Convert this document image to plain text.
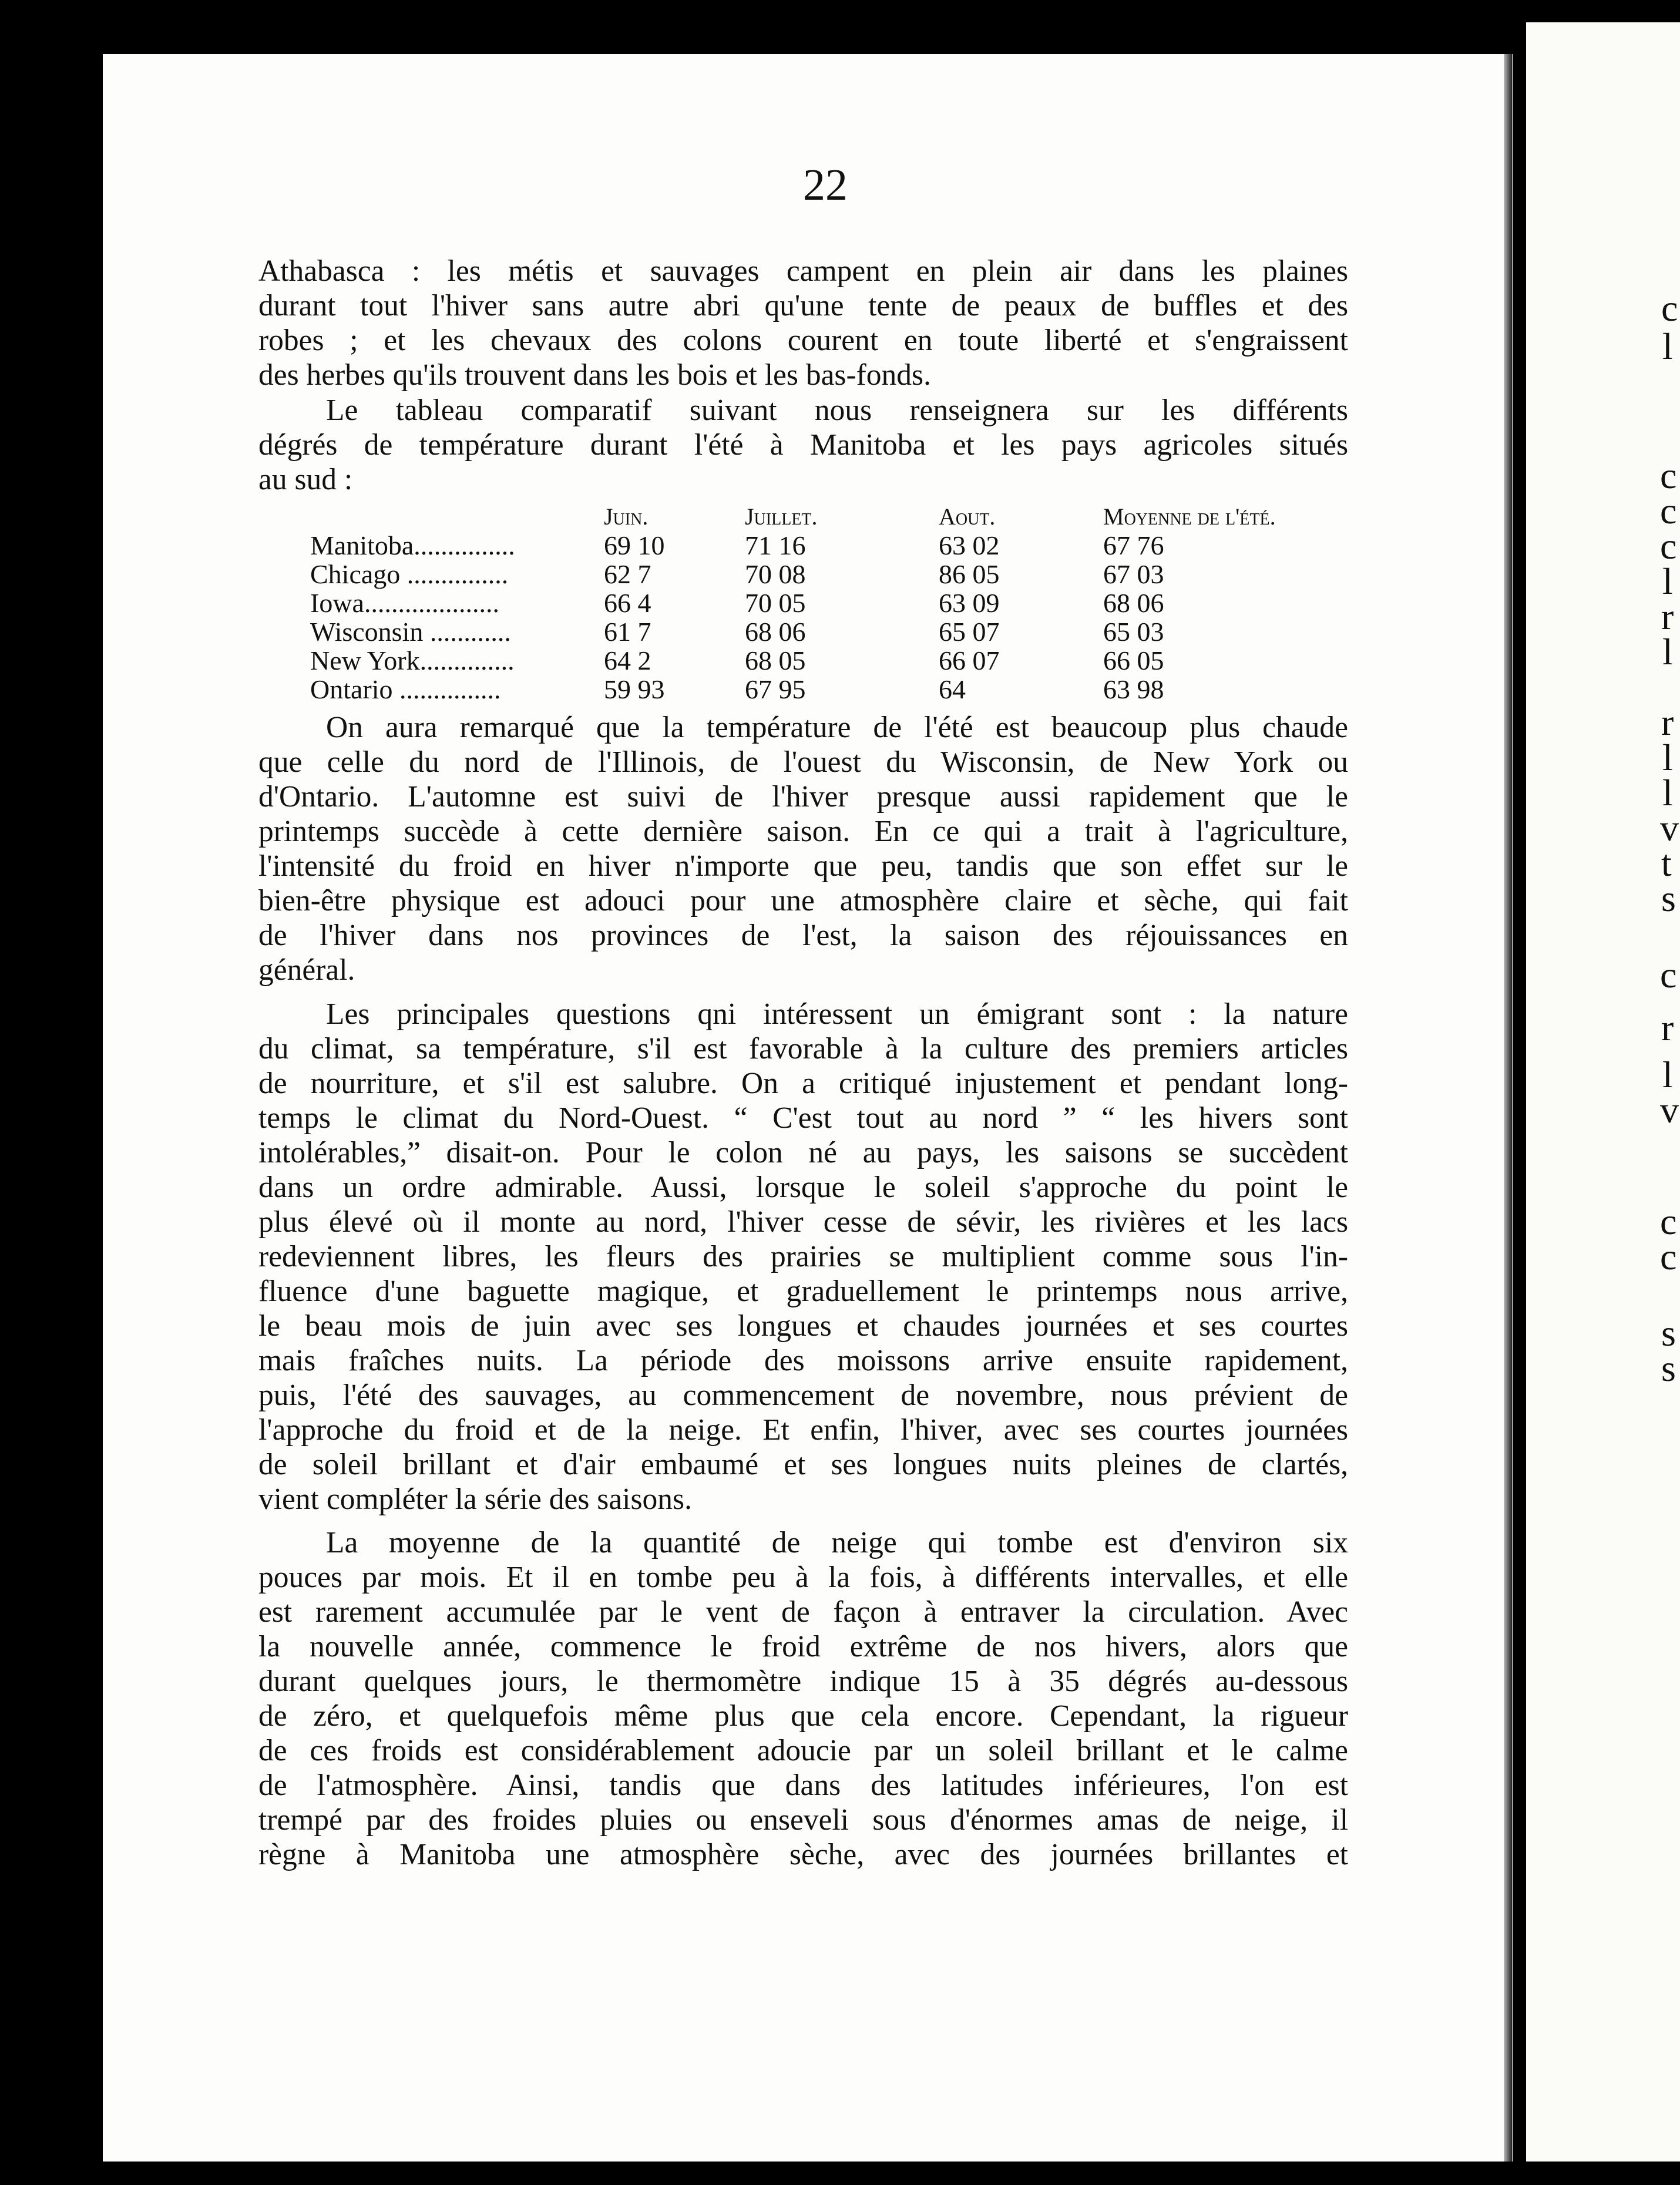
c
l
c
c
c
l
r
l
r
l
l
v
t
s
c
r
l
v
c
c
s
s
22
Athabasca : les métis et sauvages campent en plein air dans les plaines
durant tout l'hiver sans autre abri qu'une tente de peaux de buffles et des
robes ; et les chevaux des colons courent en toute liberté et s'engraissent
des herbes qu'ils trouvent dans les bois et les bas-fonds.
Le tableau comparatif suivant nous renseignera sur les différents
dégrés de température durant l'été à Manitoba et les pays agricoles situés
au sud :
	Juin.	Juillet.	Aout.	Moyenne de l'été.
Manitoba...............	69 10	71 16	63 02	67 76
Chicago ...............	62 7	70 08	86 05	67 03
Iowa....................	66 4	70 05	63 09	68 06
Wisconsin ............	61 7	68 06	65 07	65 03
New York..............	64 2	68 05	66 07	66 05
Ontario ...............	59 93	67 95	64	63 98
On aura remarqué que la température de l'été est beaucoup plus chaude
que celle du nord de l'Illinois, de l'ouest du Wisconsin, de New York ou
d'Ontario. L'automne est suivi de l'hiver presque aussi rapidement que le
printemps succède à cette dernière saison. En ce qui a trait à l'agriculture,
l'intensité du froid en hiver n'importe que peu, tandis que son effet sur le
bien-être physique est adouci pour une atmosphère claire et sèche, qui fait
de l'hiver dans nos provinces de l'est, la saison des réjouissances en
général.
Les principales questions qni intéressent un émigrant sont : la nature
du climat, sa température, s'il est favorable à la culture des premiers articles
de nourriture, et s'il est salubre. On a critiqué injustement et pendant long-
temps le climat du Nord-Ouest. “ C'est tout au nord ” “ les hivers sont
intolérables,” disait-on. Pour le colon né au pays, les saisons se succèdent
dans un ordre admirable. Aussi, lorsque le soleil s'approche du point le
plus élevé où il monte au nord, l'hiver cesse de sévir, les rivières et les lacs
redeviennent libres, les fleurs des prairies se multiplient comme sous l'in-
fluence d'une baguette magique, et graduellement le printemps nous arrive,
le beau mois de juin avec ses longues et chaudes journées et ses courtes
mais fraîches nuits. La période des moissons arrive ensuite rapidement,
puis, l'été des sauvages, au commencement de novembre, nous prévient de
l'approche du froid et de la neige. Et enfin, l'hiver, avec ses courtes journées
de soleil brillant et d'air embaumé et ses longues nuits pleines de clartés,
vient compléter la série des saisons.
La moyenne de la quantité de neige qui tombe est d'environ six
pouces par mois. Et il en tombe peu à la fois, à différents intervalles, et elle
est rarement accumulée par le vent de façon à entraver la circulation. Avec
la nouvelle année, commence le froid extrême de nos hivers, alors que
durant quelques jours, le thermomètre indique 15 à 35 dégrés au-dessous
de zéro, et quelquefois même plus que cela encore. Cependant, la rigueur
de ces froids est considérablement adoucie par un soleil brillant et le calme
de l'atmosphère. Ainsi, tandis que dans des latitudes inférieures, l'on est
trempé par des froides pluies ou enseveli sous d'énormes amas de neige, il
règne à Manitoba une atmosphère sèche, avec des journées brillantes et
